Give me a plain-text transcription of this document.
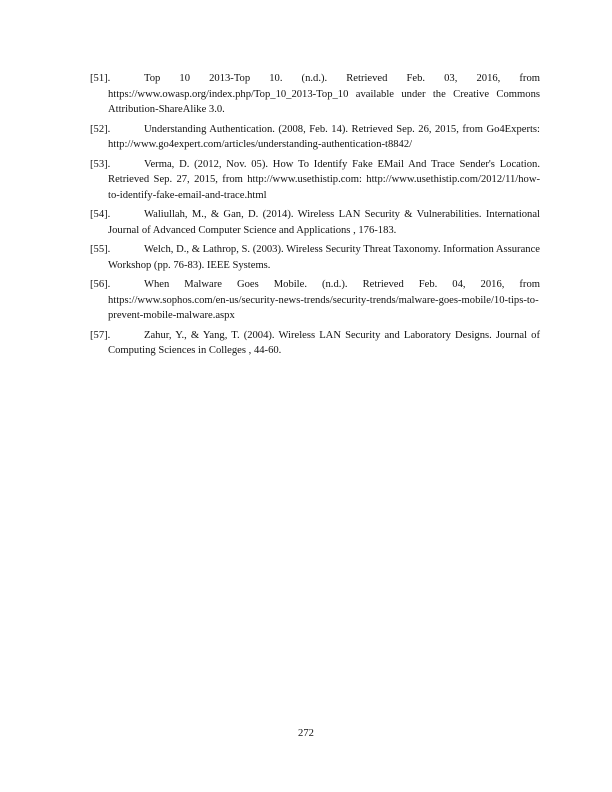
[51].	Top 10 2013-Top 10. (n.d.). Retrieved Feb. 03, 2016, from https://www.owasp.org/index.php/Top_10_2013-Top_10 available under the Creative Commons Attribution-ShareAlike 3.0.
[52].	Understanding Authentication. (2008, Feb. 14). Retrieved Sep. 26, 2015, from Go4Experts: http://www.go4expert.com/articles/understanding-authentication-t8842/
[53].	Verma, D. (2012, Nov. 05). How To Identify Fake EMail And Trace Sender's Location. Retrieved Sep. 27, 2015, from http://www.usethistip.com: http://www.usethistip.com/2012/11/how-to-identify-fake-email-and-trace.html
[54].	Waliullah, M., & Gan, D. (2014). Wireless LAN Security & Vulnerabilities. International Journal of Advanced Computer Science and Applications , 176-183.
[55].	Welch, D., & Lathrop, S. (2003). Wireless Security Threat Taxonomy. Information Assurance Workshop (pp. 76-83). IEEE Systems.
[56].	When Malware Goes Mobile. (n.d.). Retrieved Feb. 04, 2016, from https://www.sophos.com/en-us/security-news-trends/security-trends/malware-goes-mobile/10-tips-to-prevent-mobile-malware.aspx
[57].	Zahur, Y., & Yang, T. (2004). Wireless LAN Security and Laboratory Designs. Journal of Computing Sciences in Colleges , 44-60.
272
